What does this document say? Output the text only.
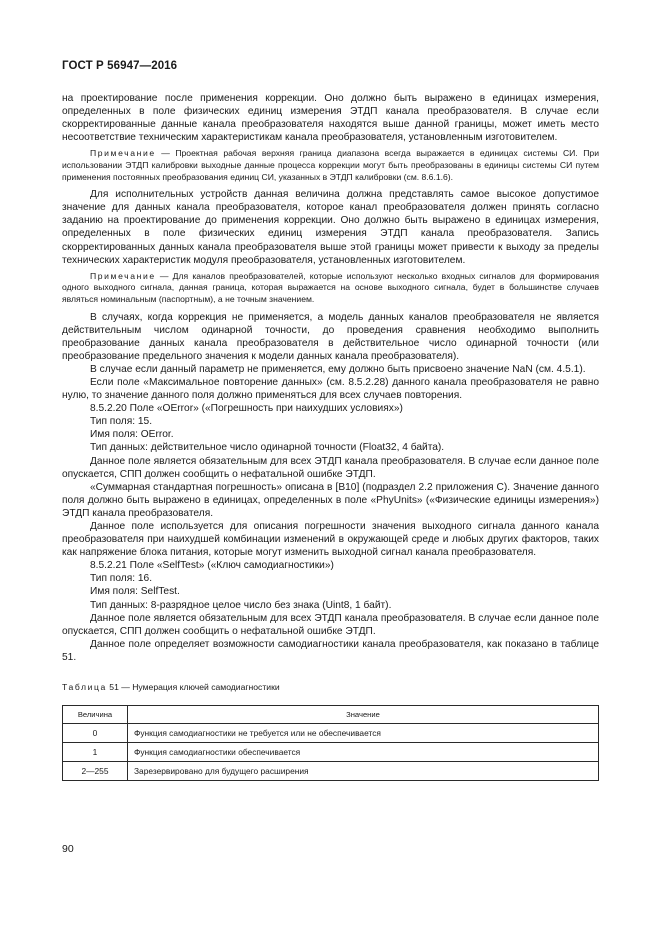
ГОСТ Р 56947—2016

на проектирование после применения коррекции. Оно должно быть выражено в единицах измерения, определенных в поле физических единиц измерения ЭТДП канала преобразователя. В случае если скорректированные данные канала преобразователя находятся выше данной границы, может иметь место несоответствие техническим характеристикам канала преобразователя, установленным изготовителем.

Примечание — Проектная рабочая верхняя граница диапазона всегда выражается в единицах системы СИ. При использовании ЭТДП калибровки выходные данные процесса коррекции могут быть преобразованы в единицы системы СИ путем применения постоянных преобразования единиц СИ, указанных в ЭТДП калибровки (см. 8.6.1.6).

Для исполнительных устройств данная величина должна представлять самое высокое допустимое значение для данных канала преобразователя, которое канал преобразователя должен принять согласно заданию на проектирование до применения коррекции. Оно должно быть выражено в единицах измерения, определенных в поле физических единиц измерения ЭТДП канала преобразователя. Запись скорректированных данных канала преобразователя выше этой границы может привести к выходу за пределы технических характеристик модуля преобразователя, установленных изготовителем.

Примечание — Для каналов преобразователей, которые используют несколько входных сигналов для формирования одного выходного сигнала, данная граница, которая выражается на основе выходного сигнала, будет в большинстве случаев являться номинальным (паспортным), а не точным значением.

В случаях, когда коррекция не применяется, а модель данных каналов преобразователя не является действительным числом одинарной точности, до проведения сравнения необходимо выполнить преобразование данных канала преобразователя в действительное число одинарной точности (или преобразование предельного значения к модели данных канала преобразователя).

В случае если данный параметр не применяется, ему должно быть присвоено значение NaN (см. 4.5.1).

Если поле «Максимальное повторение данных» (см. 8.5.2.28) данного канала преобразователя не равно нулю, то значение данного поля должно применяться для всех случаев повторения.

8.5.2.20 Поле «OError» («Погрешность при наихудших условиях»)

Тип поля: 15.

Имя поля: OError.

Тип данных: действительное число одинарной точности (Float32, 4 байта).

Данное поле является обязательным для всех ЭТДП канала преобразователя. В случае если данное поле опускается, СПП должен сообщить о нефатальной ошибке ЭТДП.

«Суммарная стандартная погрешность» описана в [В10] (подраздел 2.2 приложения С). Значение данного поля должно быть выражено в единицах, определенных в поле «PhyUnits» («Физические единицы измерения») ЭТДП канала преобразователя.

Данное поле используется для описания погрешности значения выходного сигнала данного канала преобразователя при наихудшей комбинации изменений в окружающей среде и любых других факторов, таких как напряжение блока питания, которые могут изменить выходной сигнал канала преобразователя.

8.5.2.21 Поле «SelfTest» («Ключ самодиагностики»)

Тип поля: 16.

Имя поля: SelfTest.

Тип данных: 8-разрядное целое число без знака (Uint8, 1 байт).

Данное поле является обязательным для всех ЭТДП канала преобразователя. В случае если данное поле опускается, СПП должен сообщить о нефатальной ошибке ЭТДП.

Данное поле определяет возможности самодиагностики канала преобразователя, как показано в таблице 51.

Таблица 51 — Нумерация ключей самодиагностики

Величина	Значение
0	Функция самодиагностики не требуется или не обеспечивается
1	Функция самодиагностики обеспечивается
2—255	Зарезервировано для будущего расширения
90
